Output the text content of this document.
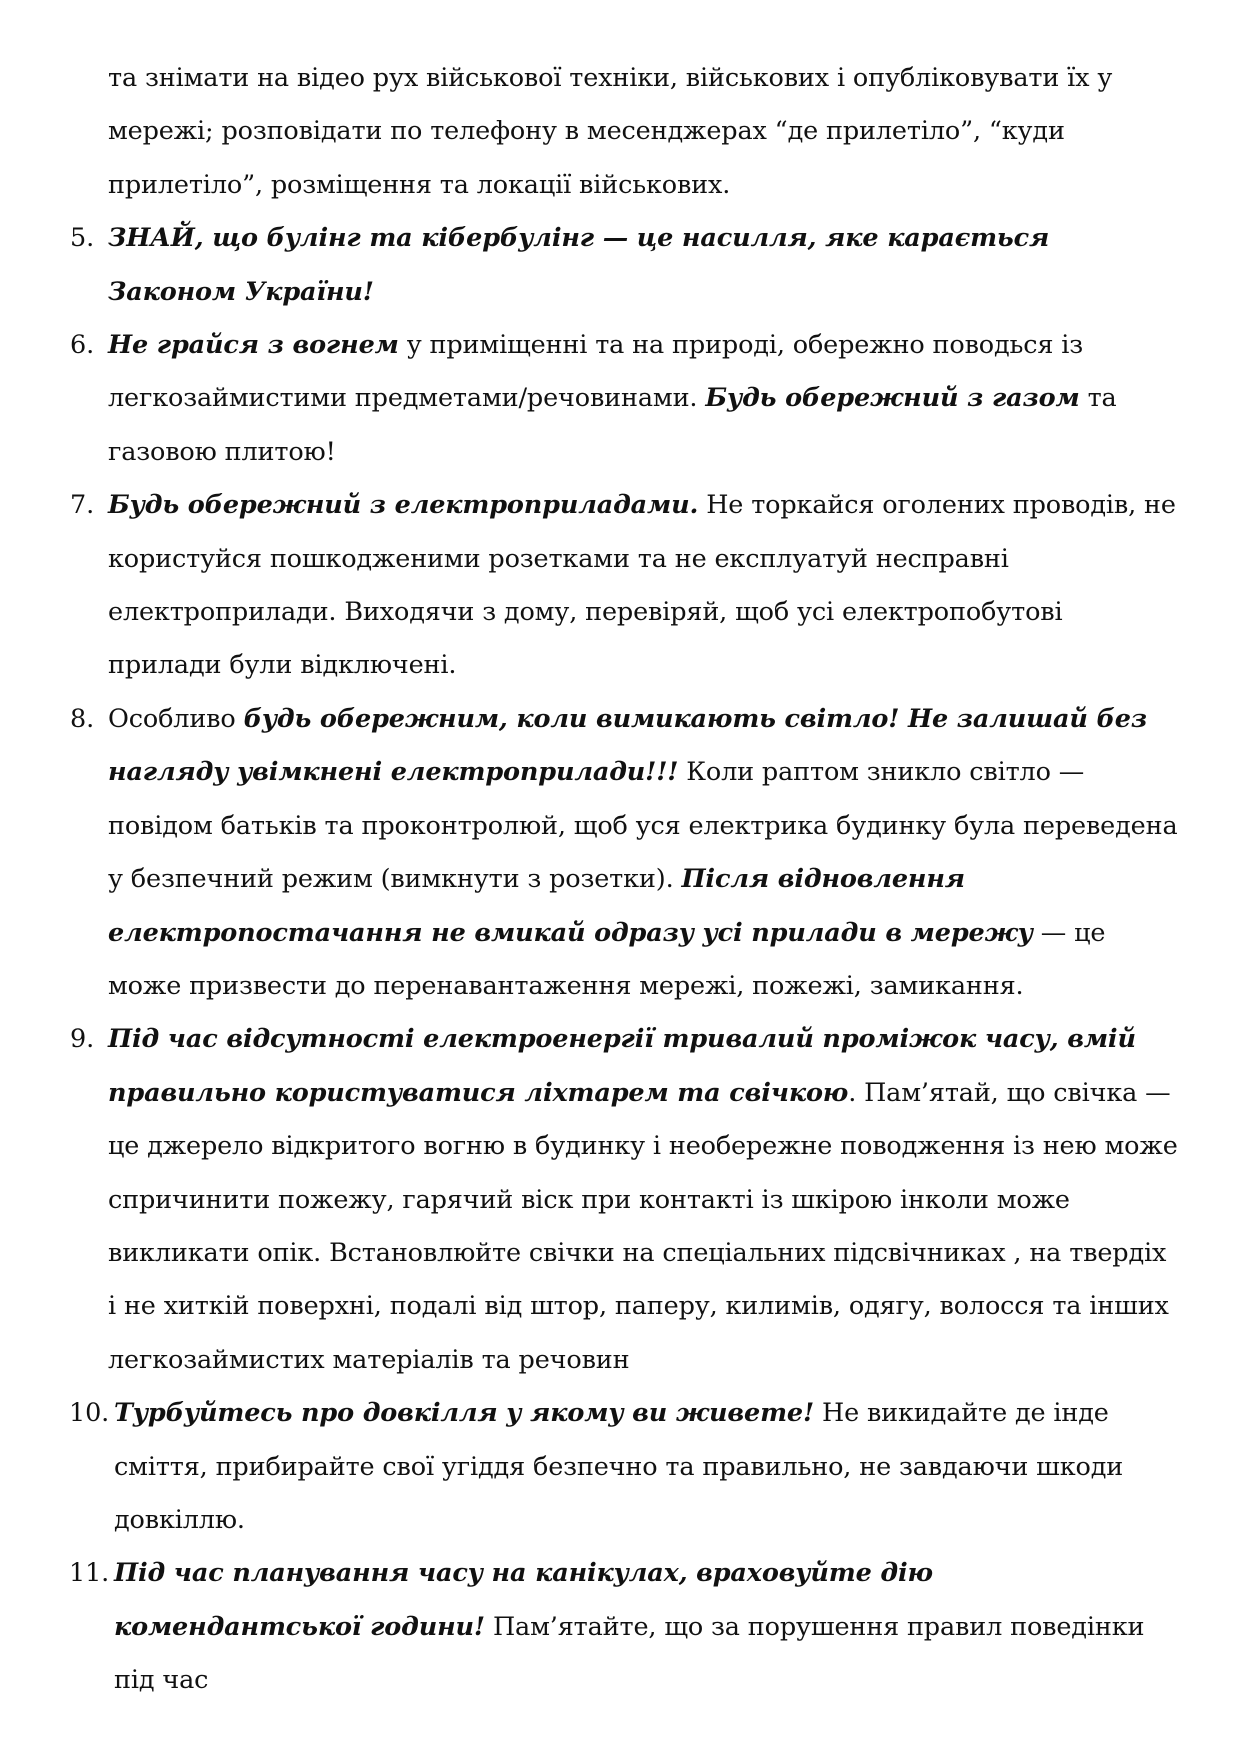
та знімати на відео рух військової техніки, військових і опубліковувати їх у мережі; розповідати по телефону в месенджерах “де прилетіло”, “куди прилетіло”, розміщення та локації військових.

5. ЗНАЙ, що булінг та кібербулінг — це насилля, яке карається Законом України!

6. Не грайся з вогнем у приміщенні та на природі, обережно поводься із легкозаймистими предметами/речовинами. Будь обережний з газом та газовою плитою!

7. Будь обережний з електроприладами. Не торкайся оголених проводів, не користуйся пошкодженими розетками та не експлуатуй несправні електроприлади. Виходячи з дому, перевіряй, щоб усі електропобутові прилади були відключені.

8. Особливо будь обережним, коли вимикають світло! Не залишай без нагляду увімкнені електроприлади!!! Коли раптом зникло світло — повідом батьків та проконтролюй, щоб уся електрика будинку була переведена у безпечний режим (вимкнути з розетки). Після відновлення електропостачання не вмикай одразу усі прилади в мережу — це може призвести до перенавантаження мережі, пожежі, замикання.

9. Під час відсутності електроенергії тривалий проміжок часу, вмій правильно користуватися ліхтарем та свічкою. Пам’ятай, що свічка — це джерело відкритого вогню в будинку і необережне поводження із нею може спричинити пожежу, гарячий віск при контакті із шкірою інколи може викликати опік. Встановлюйте свічки на спеціальних підсвічниках , на твердіх і не хиткій поверхні, подалі від штор, паперу, килимів, одягу, волосся та інших легкозаймистих матеріалів та речовин

10. Турбуйтесь про довкілля у якому ви живете! Не викидайте де інде сміття, прибирайте свої угіддя безпечно та правильно, не завдаючи шкоди довкіллю.

11. Під час планування часу на канікулах, враховуйте дію комендантської години! Пам’ятайте, що за порушення правил поведінки під час
